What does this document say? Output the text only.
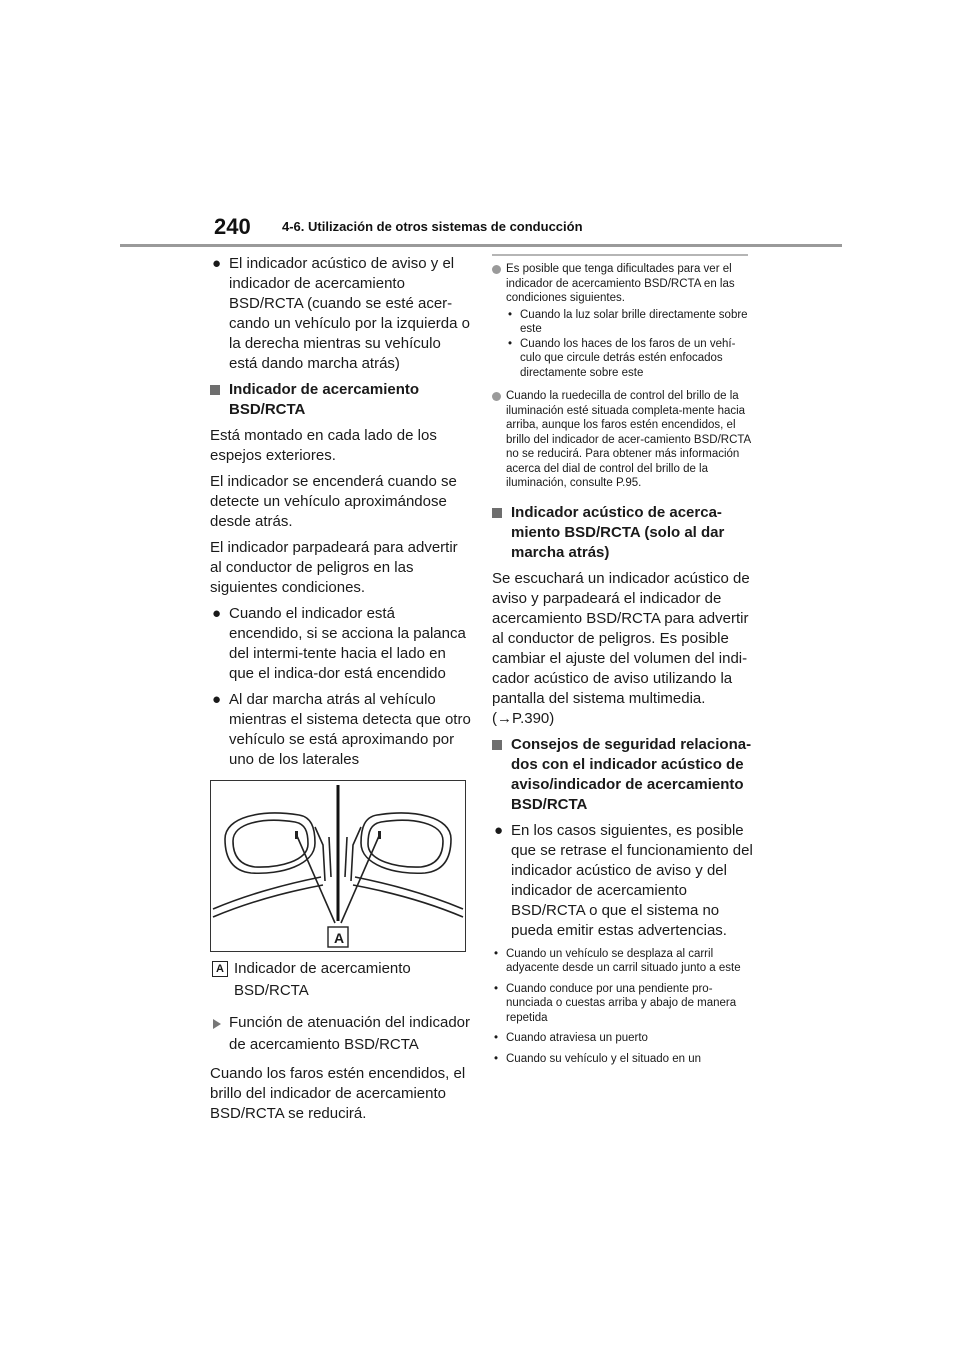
240 4-6. Utilización de otros sistemas de conducción
● El indicador acústico de aviso y el indicador de acercamiento BSD/RCTA (cuando se esté acer-cando un vehículo por la izquierda o la derecha mientras su vehículo está dando marcha atrás)
Indicador de acercamiento BSD/RCTA

Está montado en cada lado de los espejos exteriores.

El indicador se encenderá cuando se detecte un vehículo aproximándose desde atrás.

El indicador parpadeará para advertir al conductor de peligros en las siguientes condiciones.

● Cuando el indicador está encendido, si se acciona la palanca del intermi-tente hacia el lado en que el indica-dor está encendido
● Al dar marcha atrás al vehículo mientras el sistema detecta que otro vehículo se está aproximando por uno de los laterales
A
A Indicador de acercamiento BSD/RCTA
Función de atenuación del indicador de acercamiento BSD/RCTA

Cuando los faros estén encendidos, el brillo del indicador de acercamiento BSD/RCTA se reducirá.

Es posible que tenga dificultades para ver el indicador de acercamiento BSD/RCTA en las condiciones siguientes.
• Cuando la luz solar brille directamente sobre este
• Cuando los haces de los faros de un vehí-culo que circule detrás estén enfocados directamente sobre este
Cuando la ruedecilla de control del brillo de la iluminación esté situada completa-mente hacia arriba, aunque los faros estén encendidos, el brillo del indicador de acer-camiento BSD/RCTA no se reducirá. Para obtener más información acerca del dial de control del brillo de la iluminación, consulte P.95.
Indicador acústico de acerca-miento BSD/RCTA (solo al dar marcha atrás)

Se escuchará un indicador acústico de aviso y parpadeará el indicador de acercamiento BSD/RCTA para advertir al conductor de peligros. Es posible cambiar el ajuste del volumen del indi-cador acústico de aviso utilizando la pantalla del sistema multimedia.

(→P.390)

Consejos de seguridad relaciona-dos con el indicador acústico de aviso/indicador de acercamiento BSD/RCTA
● En los casos siguientes, es posible que se retrase el funcionamiento del indicador acústico de aviso y del indicador de acercamiento BSD/RCTA o que el sistema no pueda emitir estas advertencias.
• Cuando un vehículo se desplaza al carril adyacente desde un carril situado junto a este
• Cuando conduce por una pendiente pro-nunciada o cuestas arriba y abajo de manera repetida
• Cuando atraviesa un puerto
• Cuando su vehículo y el situado en un
